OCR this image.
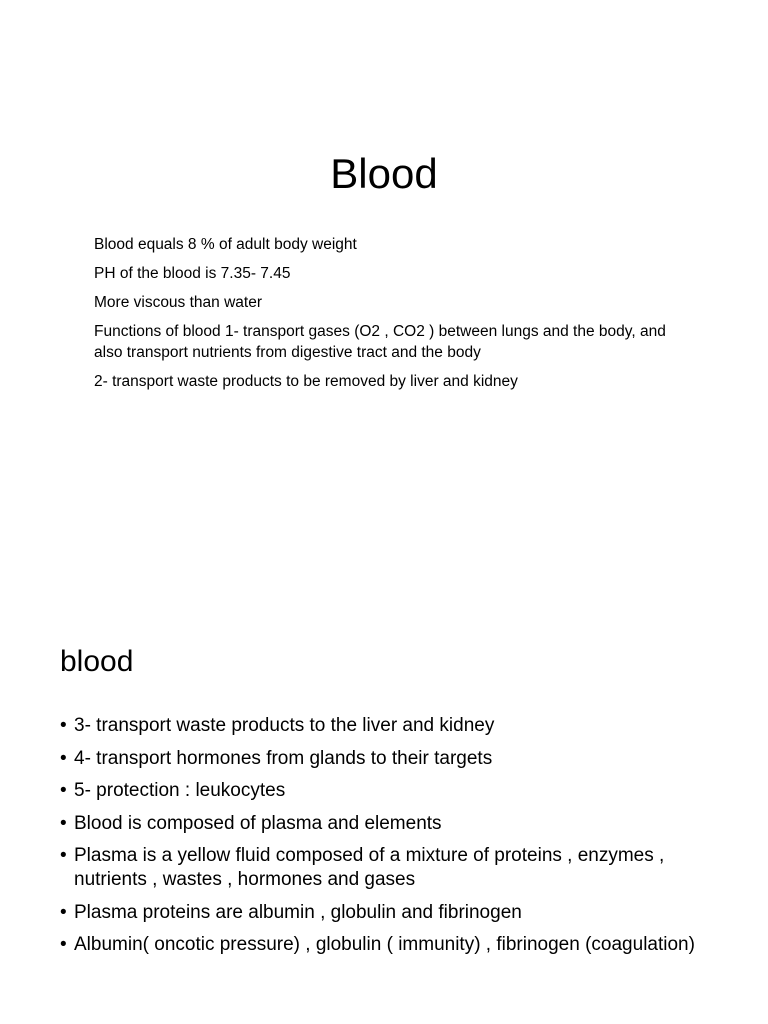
Blood
Blood equals 8 % of adult body weight
PH of the blood is 7.35- 7.45
More viscous than water
Functions of blood 1- transport gases (O2 , CO2 ) between lungs and the body, and also transport nutrients from digestive tract and the body
2- transport waste products to be removed by liver and kidney
blood
• 3- transport waste products to the liver and kidney
• 4- transport hormones from glands to their targets
• 5- protection : leukocytes
• Blood is composed of plasma and elements
• Plasma is a yellow fluid composed of a mixture of proteins , enzymes , nutrients , wastes , hormones and gases
• Plasma proteins are albumin , globulin and fibrinogen
• Albumin( oncotic pressure) , globulin ( immunity) , fibrinogen (coagulation)
